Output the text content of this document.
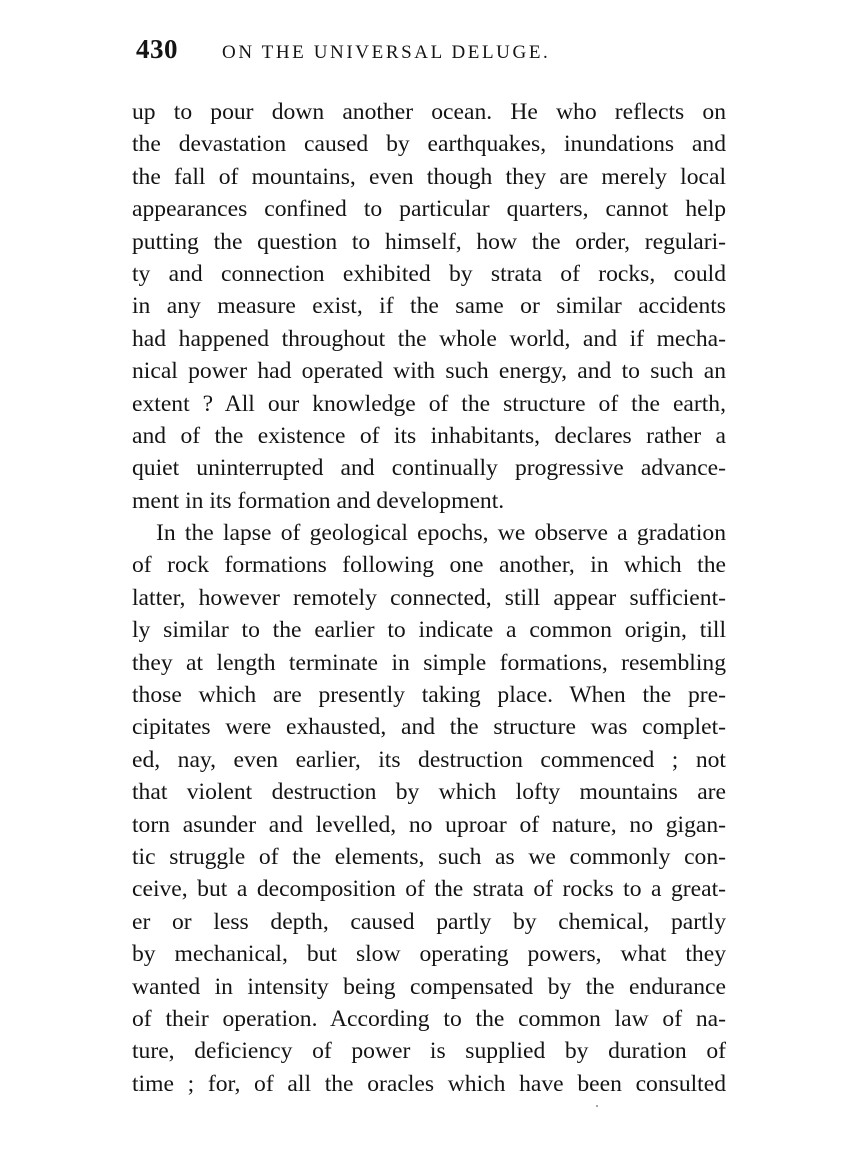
430 ON THE UNIVERSAL DELUGE.
up to pour down another ocean. He who reflects on
the devastation caused by earthquakes, inundations and
the fall of mountains, even though they are merely local
appearances confined to particular quarters, cannot help
putting the question to himself, how the order, regulari-
ty and connection exhibited by strata of rocks, could
in any measure exist, if the same or similar accidents
had happened throughout the whole world, and if mecha-
nical power had operated with such energy, and to such an
extent ? All our knowledge of the structure of the earth,
and of the existence of its inhabitants, declares rather a
quiet uninterrupted and continually progressive advance-
ment in its formation and development.
In the lapse of geological epochs, we observe a gradation
of rock formations following one another, in which the
latter, however remotely connected, still appear sufficient-
ly similar to the earlier to indicate a common origin, till
they at length terminate in simple formations, resembling
those which are presently taking place. When the pre-
cipitates were exhausted, and the structure was complet-
ed, nay, even earlier, its destruction commenced ; not
that violent destruction by which lofty mountains are
torn asunder and levelled, no uproar of nature, no gigan-
tic struggle of the elements, such as we commonly con-
ceive, but a decomposition of the strata of rocks to a great-
er or less depth, caused partly by chemical, partly
by mechanical, but slow operating powers, what they
wanted in intensity being compensated by the endurance
of their operation. According to the common law of na-
ture, deficiency of power is supplied by duration of
time ; for, of all the oracles which have been consulted
